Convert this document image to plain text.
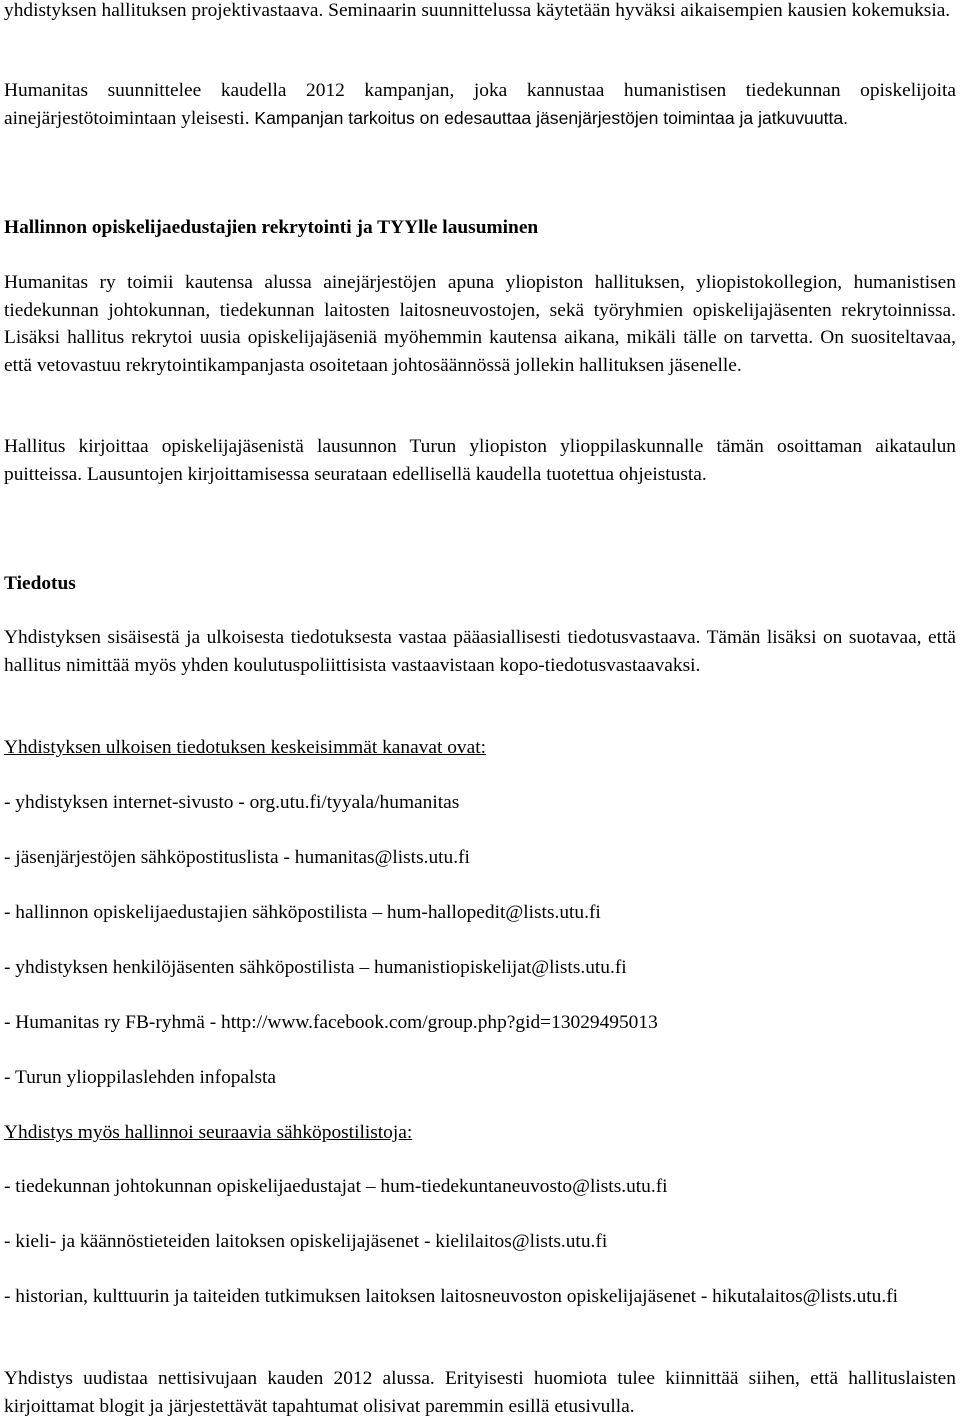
yhdistyksen hallituksen projektivastaava. Seminaarin suunnittelussa käytetään hyväksi aikaisempien kausien kokemuksia.

Humanitas suunnittelee kaudella 2012 kampanjan, joka kannustaa humanistisen tiedekunnan opiskelijoita ainejärjestötoimintaan yleisesti. Kampanjan tarkoitus on edesauttaa jäsenjärjestöjen toimintaa ja jatkuvuutta.

Hallinnon opiskelijaedustajien rekrytointi ja TYYlle lausuminen

Humanitas ry toimii kautensa alussa ainejärjestöjen apuna yliopiston hallituksen, yliopistokollegion, humanistisen tiedekunnan johtokunnan, tiedekunnan laitosten laitosneuvostojen, sekä työryhmien opiskelijajäsenten rekrytoinnissa. Lisäksi hallitus rekrytoi uusia opiskelijajäseniä myöhemmin kautensa aikana, mikäli tälle on tarvetta. On suositeltavaa, että vetovastuu rekrytointikampanjasta osoitetaan johtosäännössä jollekin hallituksen jäsenelle.

Hallitus kirjoittaa opiskelijajäsenistä lausunnon Turun yliopiston ylioppilaskunnalle tämän osoittaman aikataulun puitteissa. Lausuntojen kirjoittamisessa seurataan edellisellä kaudella tuotettua ohjeistusta.

Tiedotus

Yhdistyksen sisäisestä ja ulkoisesta tiedotuksesta vastaa pääasiallisesti tiedotusvastaava. Tämän lisäksi on suotavaa, että hallitus nimittää myös yhden koulutuspoliittisista vastaavistaan kopo-tiedotusvastaavaksi.

Yhdistyksen ulkoisen tiedotuksen keskeisimmät kanavat ovat:

- yhdistyksen internet-sivusto - org.utu.fi/tyyala/humanitas

- jäsenjärjestöjen sähköpostituslista - humanitas@lists.utu.fi

- hallinnon opiskelijaedustajien sähköpostilista – hum-hallopedit@lists.utu.fi

- yhdistyksen henkilöjäsenten sähköpostilista – humanistiopiskelijat@lists.utu.fi

- Humanitas ry FB-ryhmä - http://www.facebook.com/group.php?gid=13029495013

- Turun ylioppilaslehden infopalsta

Yhdistys myös hallinnoi seuraavia sähköpostilistoja:

- tiedekunnan johtokunnan opiskelijaedustajat – hum-tiedekuntaneuvosto@lists.utu.fi

- kieli- ja käännöstieteiden laitoksen opiskelijajäsenet - kielilaitos@lists.utu.fi

- historian, kulttuurin ja taiteiden tutkimuksen laitoksen laitosneuvoston opiskelijajäsenet - hikutalaitos@lists.utu.fi

Yhdistys uudistaa nettisivujaan kauden 2012 alussa. Erityisesti huomiota tulee kiinnittää siihen, että hallituslaisten kirjoittamat blogit ja järjestettävät tapahtumat olisivat paremmin esillä etusivulla.
